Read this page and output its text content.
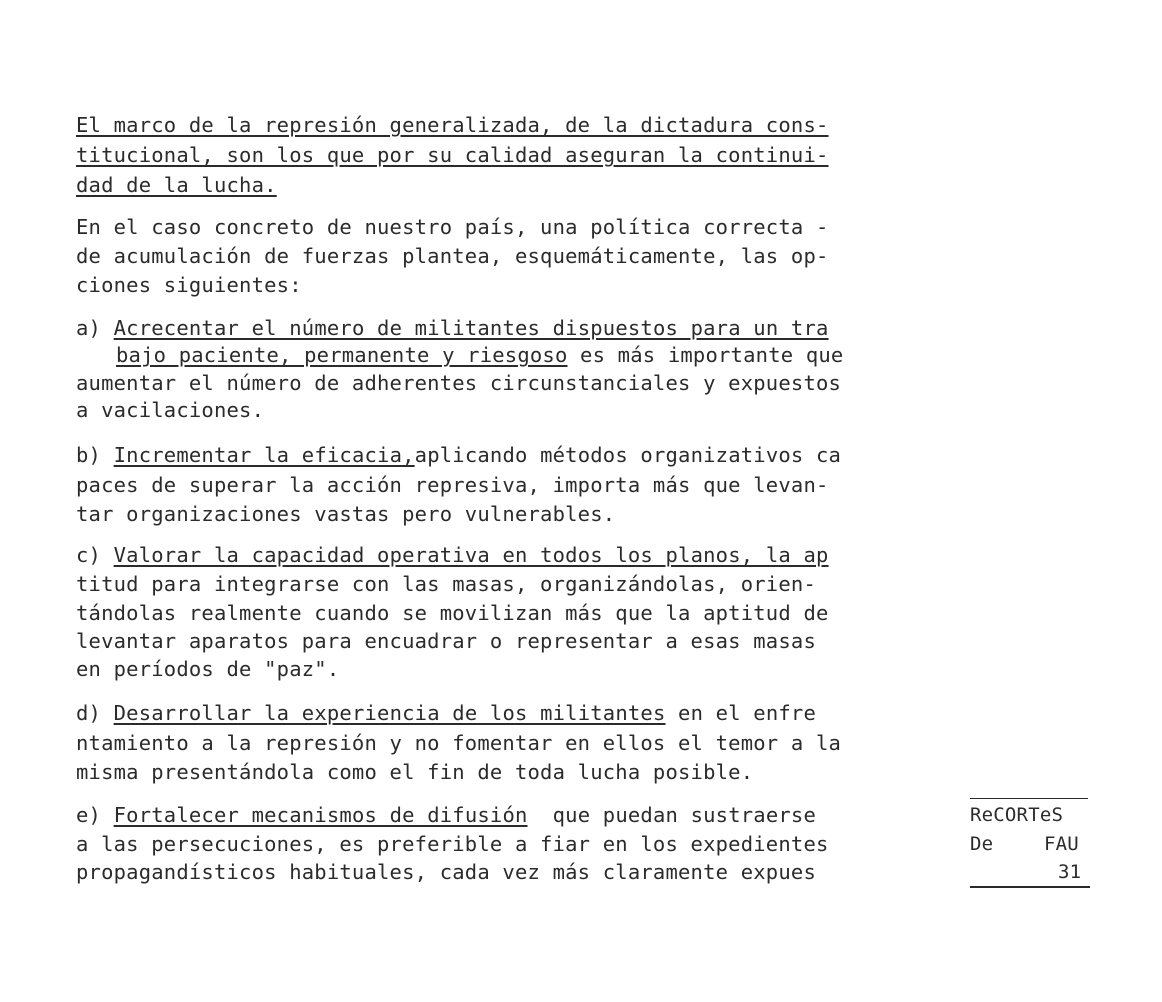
El marco de la represión generalizada, de la dictadura cons-
titucional, son los que por su calidad aseguran la continui-
dad de la lucha.
En el caso concreto de nuestro país, una política correcta -
de acumulación de fuerzas plantea, esquemáticamente, las op-
ciones siguientes:
a) Acrecentar el número de militantes dispuestos para un tra
bajo paciente, permanente y riesgoso es más importante que
aumentar el número de adherentes circunstanciales y expuestos
a vacilaciones.
b) Incrementar la eficacia,aplicando métodos organizativos ca
paces de superar la acción represiva, importa más que levan-
tar organizaciones vastas pero vulnerables.
c) Valorar la capacidad operativa en todos los planos, la ap
titud para integrarse con las masas, organizándolas, orien-
tándolas realmente cuando se movilizan más que la aptitud de
levantar aparatos para encuadrar o representar a esas masas
en períodos de "paz".
d) Desarrollar la experiencia de los militantes en el enfre
ntamiento a la represión y no fomentar en ellos el temor a la
misma presentándola como el fin de toda lucha posible.
e) Fortalecer mecanismos de difusión  que puedan sustraerse
a las persecuciones, es preferible a fiar en los expedientes
propagandísticos habituales, cada vez más claramente expues
ReCORTeS
De	FAU
31
